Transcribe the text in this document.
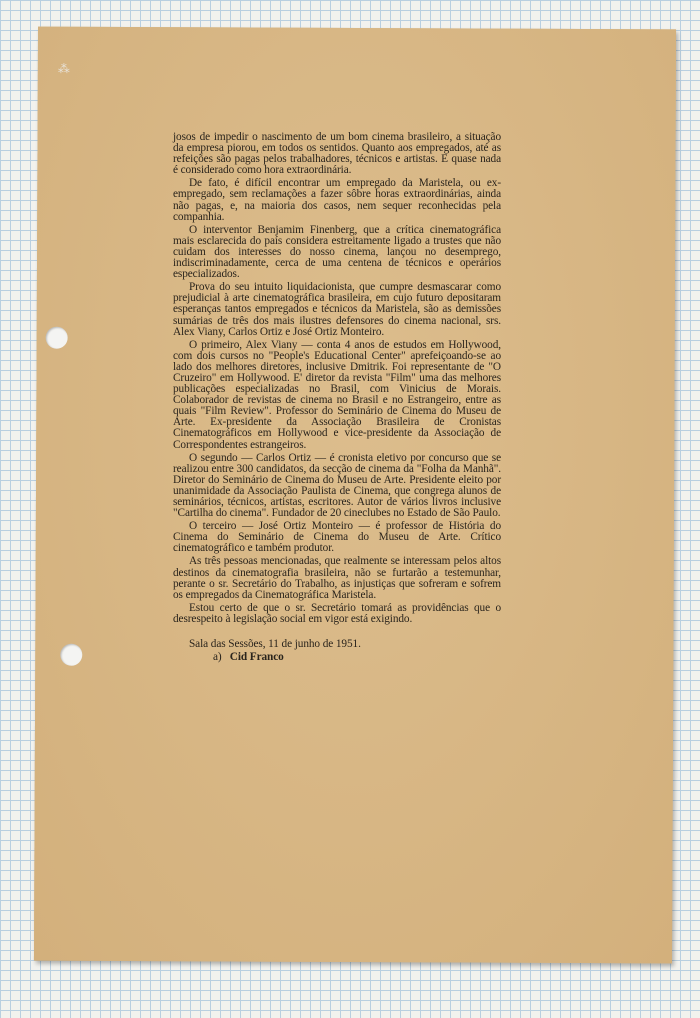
⁂

josos de impedir o nascimento de um bom cinema brasileiro, a situação da empresa piorou, em todos os sentidos. Quanto aos empregados, até as refeições são pagas pelos trabalhadores, técnicos e artistas. E quase nada é considerado como hora extraordinária.

De fato, é difícil encontrar um empregado da Maristela, ou ex-empregado, sem reclamações a fazer sôbre horas extraordinárias, ainda não pagas, e, na maioria dos casos, nem sequer reconhecidas pela companhia.

O interventor Benjamim Finenberg, que a crítica cinematográfica mais esclarecida do país considera estreitamente ligado a trustes que não cuidam dos interesses do nosso cinema, lançou no desemprego, indiscriminadamente, cerca de uma centena de técnicos e operários especializados.

Prova do seu intuito liquidacionista, que cumpre desmascarar como prejudicial à arte cinematográfica brasileira, em cujo futuro depositaram esperanças tantos empregados e técnicos da Maristela, são as demissões sumárias de três dos mais ilustres defensores do cinema nacional, srs. Alex Viany, Carlos Ortiz e José Ortiz Monteiro.

O primeiro, Alex Viany — conta 4 anos de estudos em Hollywood, com dois cursos no "People's Educational Center" aprefeiçoando-se ao lado dos melhores diretores, inclusive Dmitrik. Foi representante de "O Cruzeiro" em Hollywood. E' diretor da revista "Film" uma das melhores publicações especializadas no Brasil, com Vinicius de Morais. Colaborador de revistas de cinema no Brasil e no Estrangeiro, entre as quais "Film Review". Professor do Seminário de Cinema do Museu de Arte. Ex-presidente da Associação Brasileira de Cronistas Cinematográficos em Hollywood e vice-presidente da Associação de Correspondentes estrangeiros.

O segundo — Carlos Ortiz — é cronista eletivo por concurso que se realizou entre 300 candidatos, da secção de cinema da "Folha da Manhã". Diretor do Seminário de Cinema do Museu de Arte. Presidente eleito por unanimidade da Associação Paulista de Cinema, que congrega alunos de seminários, técnicos, artistas, escritores. Autor de vários livros inclusive "Cartilha do cinema". Fundador de 20 cineclubes no Estado de São Paulo.

O terceiro — José Ortiz Monteiro — é professor de História do Cinema do Seminário de Cinema do Museu de Arte. Crítico cinematográfico e também produtor.

As três pessoas mencionadas, que realmente se interessam pelos altos destinos da cinematografia brasileira, não se furtarão a testemunhar, perante o sr. Secretário do Trabalho, as injustiças que sofreram e sofrem os empregados da Cinematográfica Maristela.

Estou certo de que o sr. Secretário tomará as providências que o desrespeito à legislação social em vigor está exigindo.

Sala das Sessões, 11 de junho de 1951.

a) Cid Franco
